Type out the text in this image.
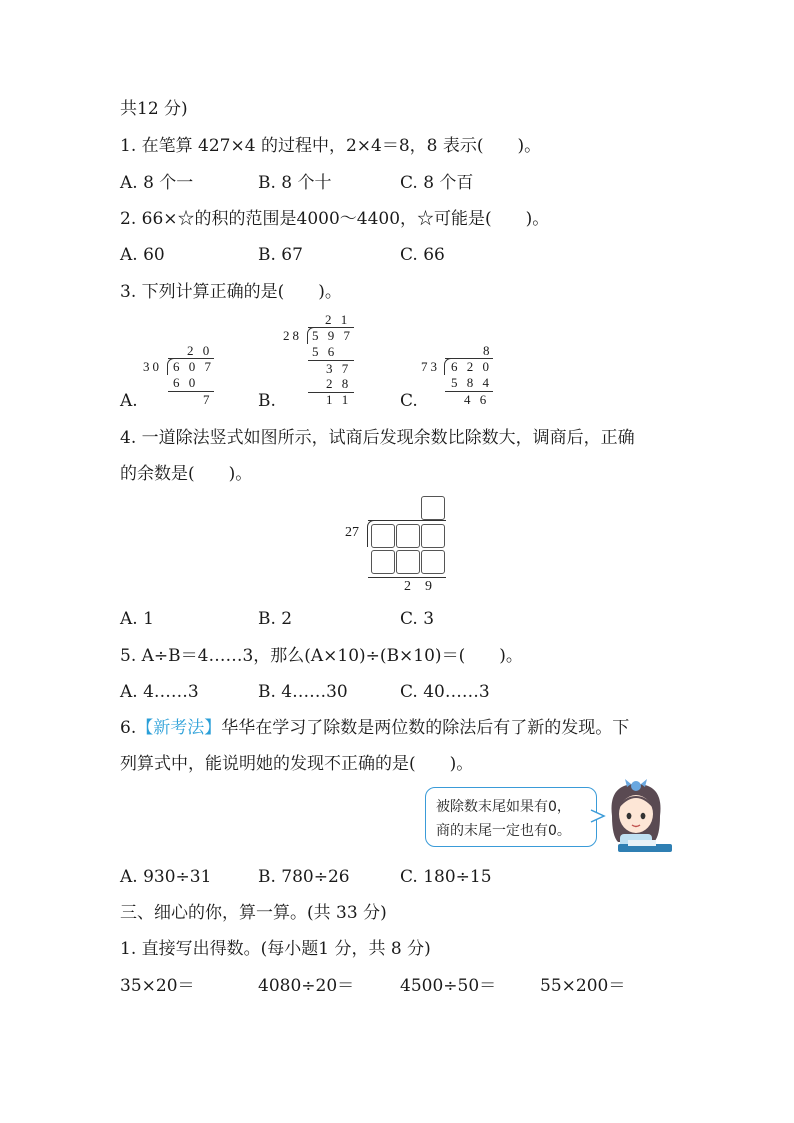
共12 分)
1. 在笔算 427×4 的过程中，2×4＝8，8 表示(　　)。
A. 8 个一	B. 8 个十	C. 8 个百
2. 66×☆的积的范围是4000～4400，☆可能是(　　)。
A. 60	B. 67	C. 66
3. 下列计算正确的是(　　)。
2 0
30 6 0 7
6 0
7
A.
2 1
28 5 9 7
5 6
3 7
2 8
1 1
B.
8
73 6 2 0
5 8 4
4 6
C.
4. 一道除法竖式如图所示，试商后发现余数比除数大，调商后，正确
的余数是(　　)。
27
2　9
A. 1	B. 2	C. 3
5. A÷B＝4……3，那么(A×10)÷(B×10)＝(　　)。
A. 4……3	B. 4……30	C. 40……3
6.【新考法】华华在学习了除数是两位数的除法后有了新的发现。下
列算式中，能说明她的发现不正确的是(　　)。
被除数末尾如果有0，
商的末尾一定也有0。
A. 930÷31	B. 780÷26	C. 180÷15
三、细心的你，算一算。(共 33 分)
1. 直接写出得数。(每小题1 分，共 8 分)
35×20＝	4080÷20＝	4500÷50＝	55×200＝
